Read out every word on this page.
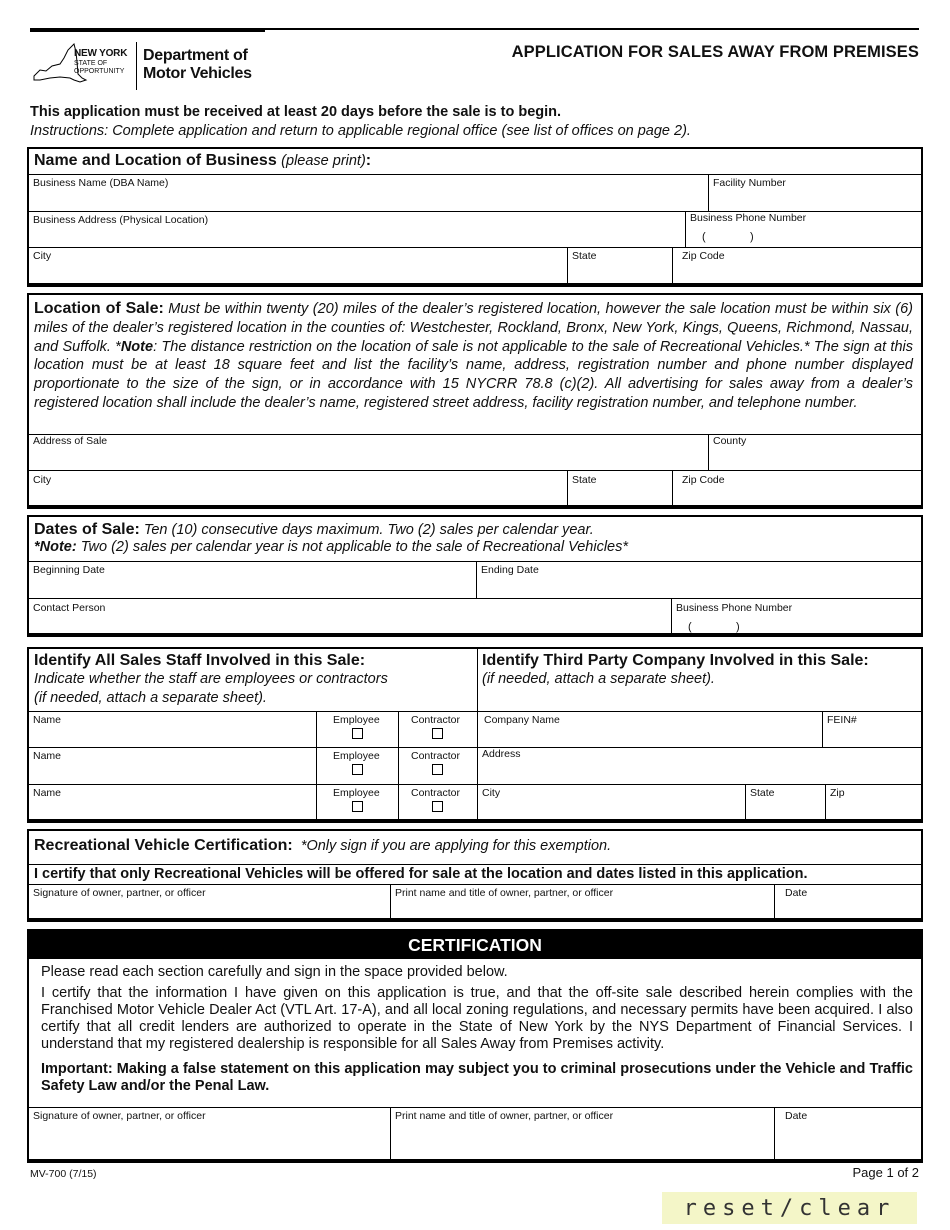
NEW YORK
STATE OF
OPPORTUNITY
Department of
Motor Vehicles
APPLICATION FOR SALES AWAY FROM PREMISES
This application must be received at least 20 days before the sale is to begin.
Instructions: Complete application and return to applicable regional office (see list of offices on page 2).
Name and Location of Business (please print):
Business Name (DBA Name)	Facility Number
Business Address (Physical Location)	Business Phone Number
(	)
City	State	Zip Code
Location of Sale: Must be within twenty (20) miles of the dealer’s registered location, however the sale location must be within six (6) miles of the dealer’s registered location in the counties of: Westchester, Rockland, Bronx, New York, Kings, Queens, Richmond, Nassau, and Suffolk. *Note: The distance restriction on the location of sale is not applicable to the sale of Recreational Vehicles.* The sign at this location must be at least 18 square feet and list the facility’s name, address, registration number and phone number displayed proportionate to the size of the sign, or in accordance with 15 NYCRR 78.8 (c)(2). All advertising for sales away from a dealer’s registered location shall include the dealer’s name, registered street address, facility registration number, and telephone number.
Address of Sale	County
City	State	Zip Code
Dates of Sale: Ten (10) consecutive days maximum. Two (2) sales per calendar year.
*Note: Two (2) sales per calendar year is not applicable to the sale of Recreational Vehicles*
Beginning Date	Ending Date
Contact Person	Business Phone Number
(	)
Identify All Sales Staff Involved in this Sale:
Indicate whether the staff are employees or contractors
(if needed, attach a separate sheet).
Name	Employee	Contractor
Name	Employee	Contractor
Name	Employee	Contractor
Identify Third Party Company Involved in this Sale:
(if needed, attach a separate sheet).
Company Name	FEIN#
Address
City	State	Zip
Recreational Vehicle Certification: *Only sign if you are applying for this exemption.
I certify that only Recreational Vehicles will be offered for sale at the location and dates listed in this application.
Signature of owner, partner, or officer	Print name and title of owner, partner, or officer	Date
CERTIFICATION
Please read each section carefully and sign in the space provided below.
I certify that the information I have given on this application is true, and that the off-site sale described herein complies with the Franchised Motor Vehicle Dealer Act (VTL Art. 17-A), and all local zoning regulations, and necessary permits have been acquired. I also certify that all credit lenders are authorized to operate in the State of New York by the NYS Department of Financial Services. I understand that my registered dealership is responsible for all Sales Away from Premises activity.
Important: Making a false statement on this application may subject you to criminal prosecutions under the Vehicle and Traffic Safety Law and/or the Penal Law.
Signature of owner, partner, or officer	Print name and title of owner, partner, or officer	Date
MV-700 (7/15)	Page 1 of 2
reset/clear
